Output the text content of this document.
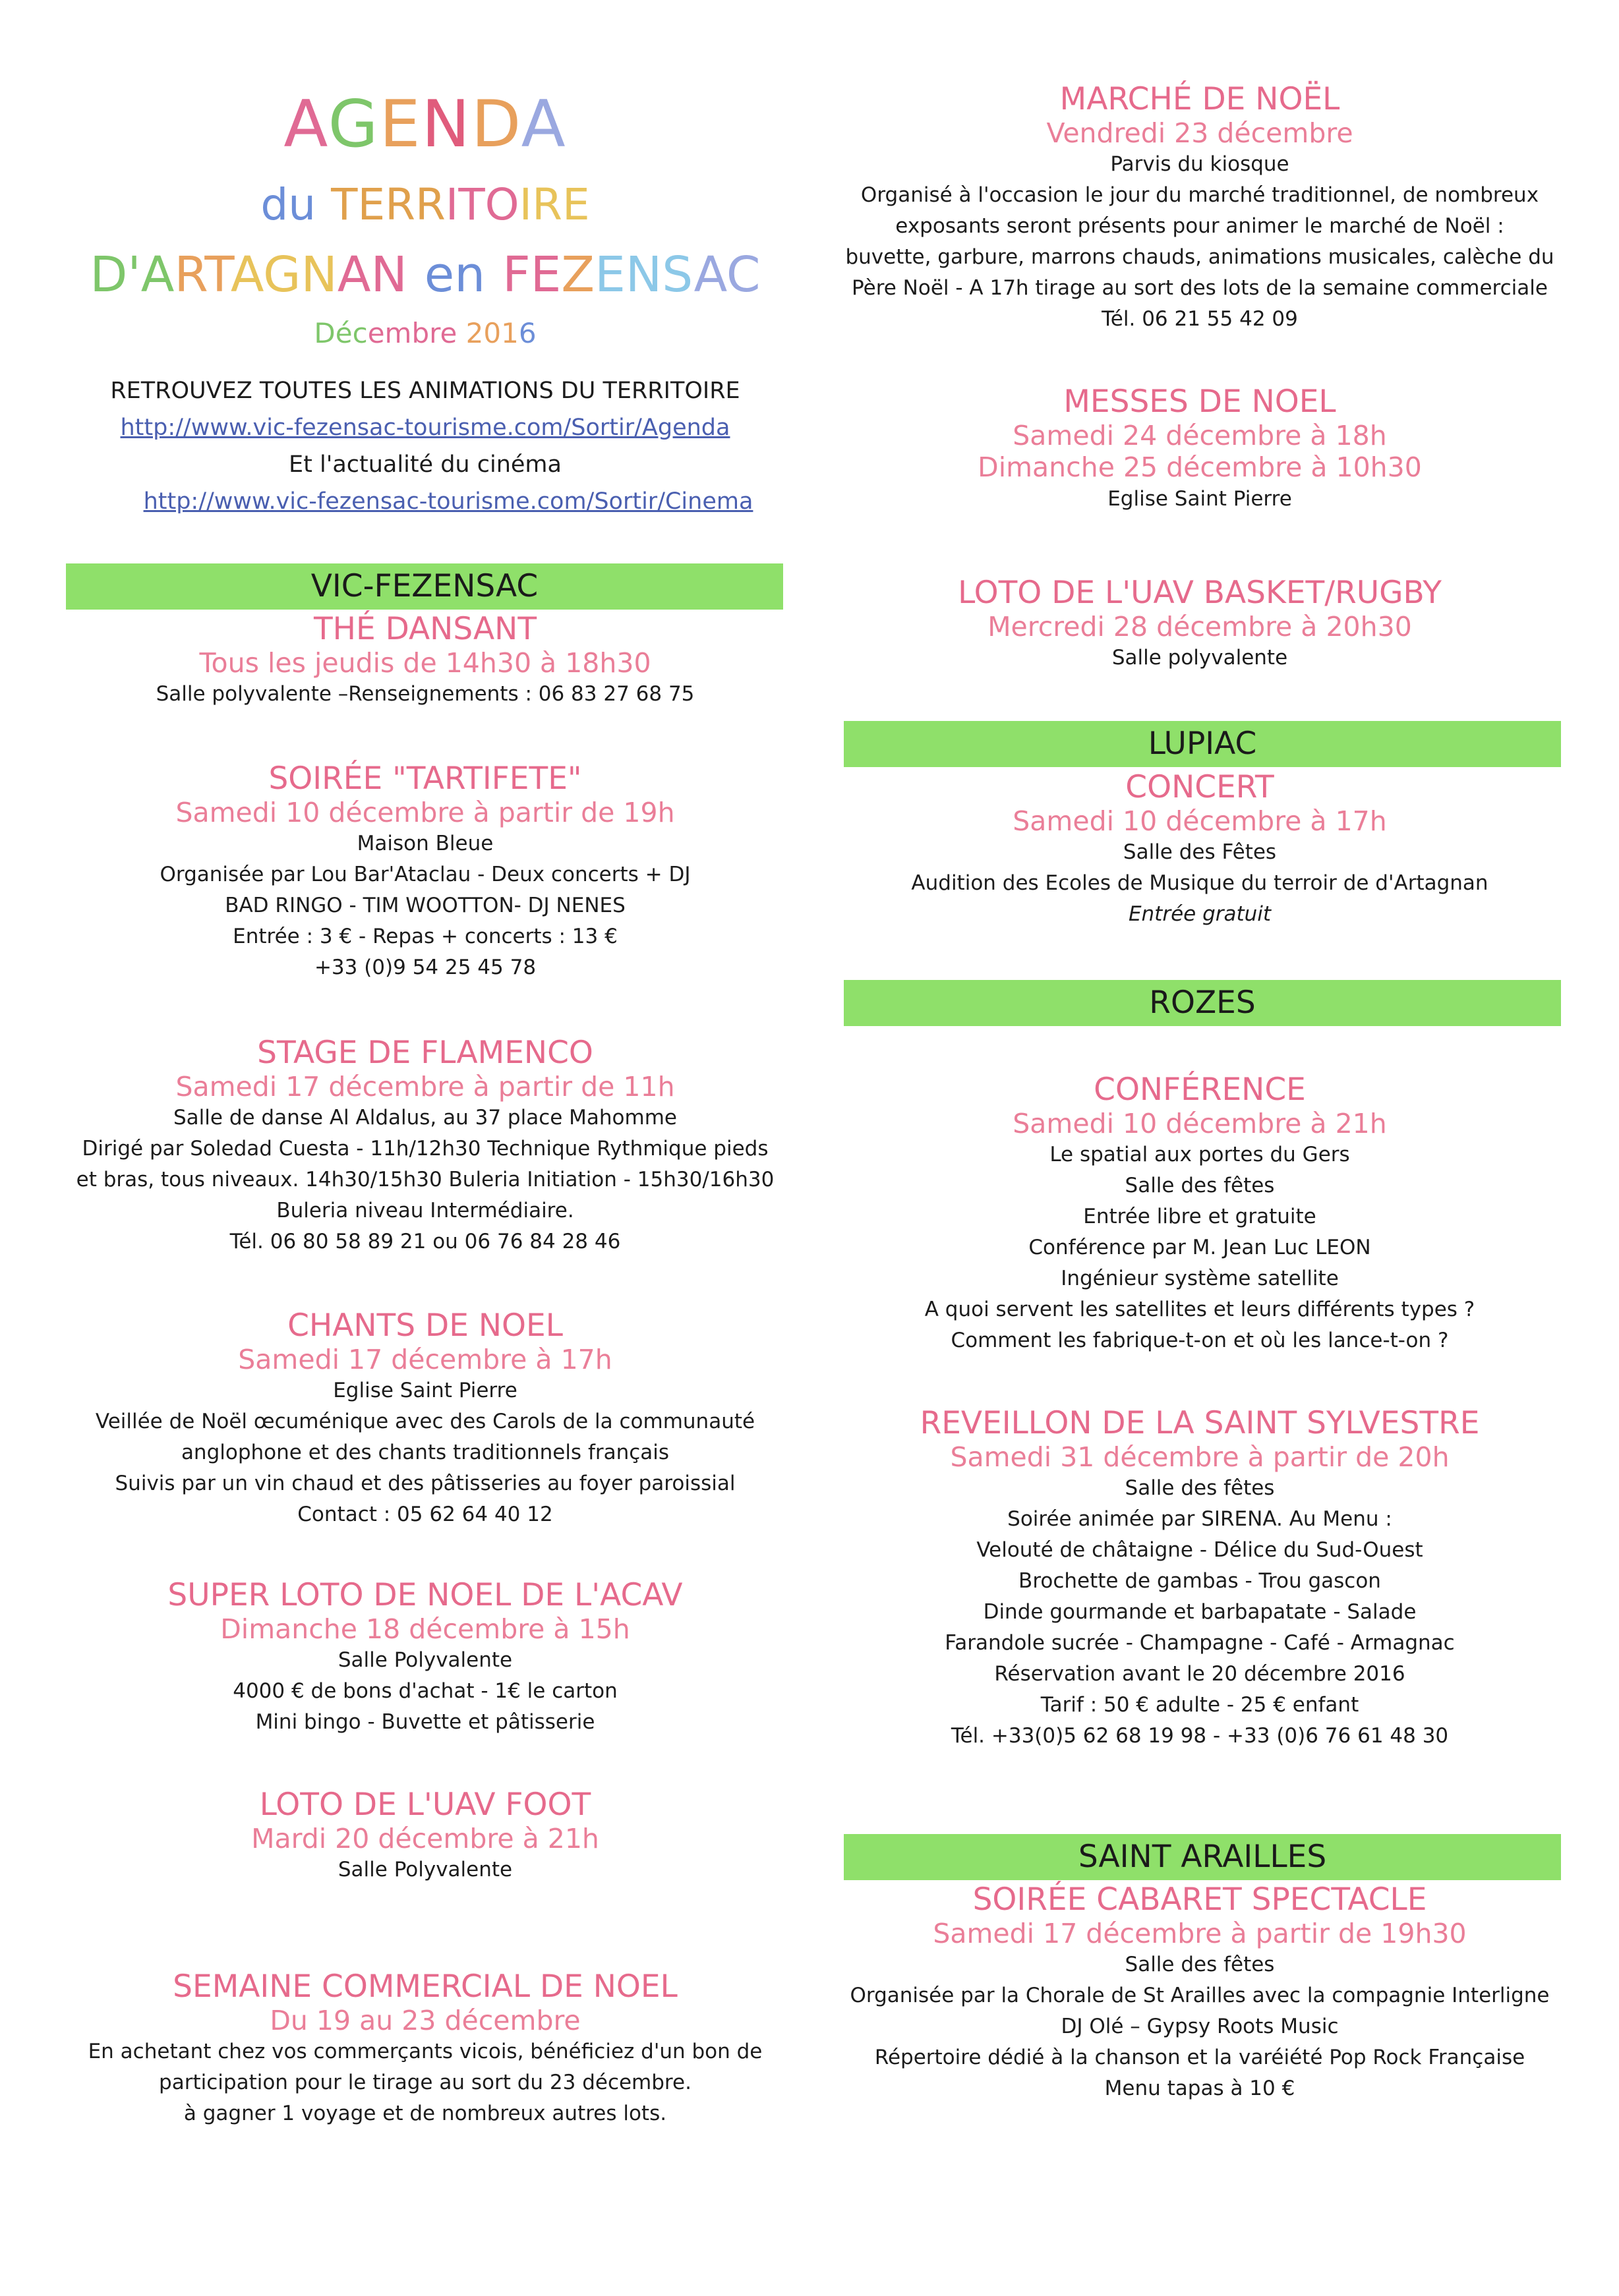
AGENDA
du TERRITOIRE
D'ARTAGNAN en FEZENSAC
Décembre 2016
RETROUVEZ TOUTES LES ANIMATIONS DU TERRITOIRE
http://www.vic-fezensac-tourisme.com/Sortir/Agenda
Et l'actualité du cinéma
http://www.vic-fezensac-tourisme.com/Sortir/Cinema
VIC-FEZENSAC
LUPIAC
ROZES
SAINT ARAILLES
THÉ DANSANT
Tous les jeudis de 14h30 à 18h30
Salle polyvalente –Renseignements : 06 83 27 68 75
SOIRÉE "TARTIFETE"
Samedi 10 décembre à partir de 19h
Maison Bleue
Organisée par Lou Bar'Ataclau - Deux concerts + DJ
BAD RINGO - TIM WOOTTON- DJ NENES
Entrée : 3 € - Repas + concerts : 13 €
+33 (0)9 54 25 45 78
STAGE DE FLAMENCO
Samedi 17 décembre à partir de 11h
Salle de danse Al Aldalus, au 37 place Mahomme
Dirigé par Soledad Cuesta - 11h/12h30 Technique Rythmique pieds
et bras, tous niveaux. 14h30/15h30 Buleria Initiation - 15h30/16h30
Buleria niveau Intermédiaire.
Tél. 06 80 58 89 21 ou 06 76 84 28 46
CHANTS DE NOEL
Samedi 17 décembre à 17h
Eglise Saint Pierre
Veillée de Noël œcuménique avec des Carols de la communauté
anglophone et des chants traditionnels français
Suivis par un vin chaud et des pâtisseries au foyer paroissial
Contact : 05 62 64 40 12
SUPER LOTO DE NOEL DE L'ACAV
Dimanche 18 décembre à 15h
Salle Polyvalente
4000 € de bons d'achat - 1€ le carton
Mini bingo - Buvette et pâtisserie
LOTO DE L'UAV FOOT
Mardi 20 décembre à 21h
Salle Polyvalente
SEMAINE COMMERCIAL DE NOEL
Du 19 au 23 décembre
En achetant chez vos commerçants vicois, bénéficiez d'un bon de
participation pour le tirage au sort du 23 décembre.
à gagner 1 voyage et de nombreux autres lots.
MARCHÉ DE NOËL
Vendredi 23 décembre
Parvis du kiosque
Organisé à l'occasion le jour du marché traditionnel, de nombreux
exposants seront présents pour animer le marché de Noël :
buvette, garbure, marrons chauds, animations musicales, calèche du
Père Noël - A 17h tirage au sort des lots de la semaine commerciale
Tél. 06 21 55 42 09
MESSES DE NOEL
Samedi 24 décembre à 18h
Dimanche 25 décembre à 10h30
Eglise Saint Pierre
LOTO DE L'UAV BASKET/RUGBY
Mercredi 28 décembre à 20h30
Salle polyvalente
CONCERT
Samedi 10 décembre à 17h
Salle des Fêtes
Audition des Ecoles de Musique du terroir de d'Artagnan
Entrée gratuit
CONFÉRENCE
Samedi 10 décembre à 21h
Le spatial aux portes du Gers
Salle des fêtes
Entrée libre et gratuite
Conférence par M. Jean Luc LEON
Ingénieur système satellite
A quoi servent les satellites et leurs différents types ?
Comment les fabrique-t-on et où les lance-t-on ?
REVEILLON DE LA SAINT SYLVESTRE
Samedi 31 décembre à partir de 20h
Salle des fêtes
Soirée animée par SIRENA. Au Menu :
Velouté de châtaigne - Délice du Sud-Ouest
Brochette de gambas - Trou gascon
Dinde gourmande et barbapatate - Salade
Farandole sucrée - Champagne - Café - Armagnac
Réservation avant le 20 décembre 2016
Tarif : 50 € adulte - 25 € enfant
Tél. +33(0)5 62 68 19 98 - +33 (0)6 76 61 48 30
SOIRÉE CABARET SPECTACLE
Samedi 17 décembre à partir de 19h30
Salle des fêtes
Organisée par la Chorale de St Arailles avec la compagnie Interligne
DJ Olé – Gypsy Roots Music
Répertoire dédié à la chanson et la varéiété Pop Rock Française
Menu tapas à 10 €
